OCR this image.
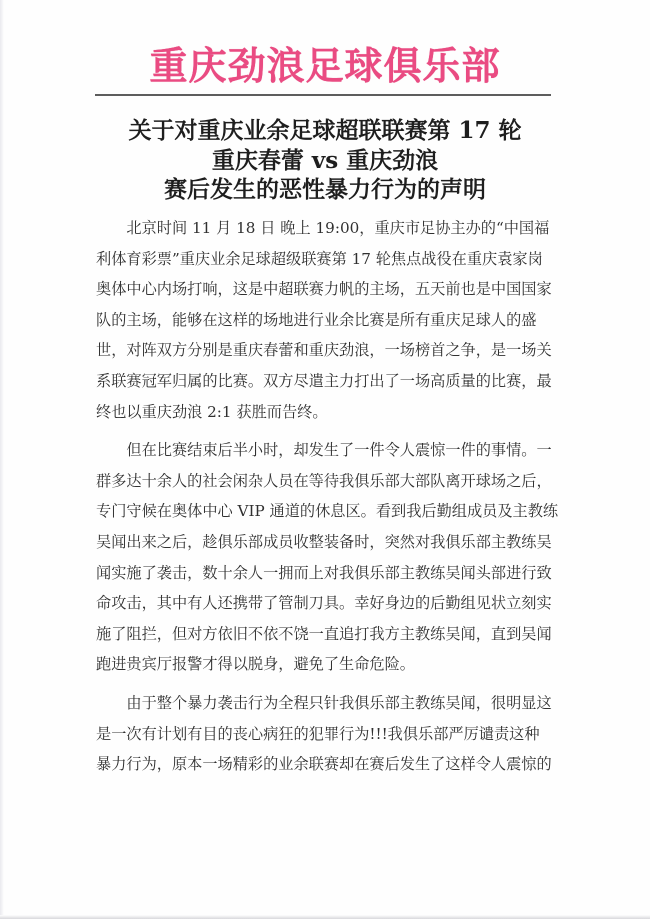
重庆劲浪足球俱乐部
关于对重庆业余足球超联联赛第 17 轮
重庆春蕾 vs 重庆劲浪
赛后发生的恶性暴力行为的声明
北京时间 11 月 18 日 晚上 19:00，重庆市足协主办的“中国福
利体育彩票”重庆业余足球超级联赛第 17 轮焦点战役在重庆袁家岗
奥体中心内场打响，这是中超联赛力帆的主场，五天前也是中国国家
队的主场，能够在这样的场地进行业余比赛是所有重庆足球人的盛
世，对阵双方分别是重庆春蕾和重庆劲浪，一场榜首之争，是一场关
系联赛冠军归属的比赛。双方尽遣主力打出了一场高质量的比赛，最
终也以重庆劲浪 2:1 获胜而告终。
但在比赛结束后半小时，却发生了一件令人震惊一件的事情。一
群多达十余人的社会闲杂人员在等待我俱乐部大部队离开球场之后，
专门守候在奥体中心 VIP 通道的休息区。看到我后勤组成员及主教练
吴闻出来之后，趁俱乐部成员收整装备时，突然对我俱乐部主教练吴
闻实施了袭击，数十余人一拥而上对我俱乐部主教练吴闻头部进行致
命攻击，其中有人还携带了管制刀具。幸好身边的后勤组见状立刻实
施了阻拦，但对方依旧不依不饶一直追打我方主教练吴闻，直到吴闻
跑进贵宾厅报警才得以脱身，避免了生命危险。
由于整个暴力袭击行为全程只针我俱乐部主教练吴闻，很明显这
是一次有计划有目的丧心病狂的犯罪行为!!!我俱乐部严厉谴责这种
暴力行为，原本一场精彩的业余联赛却在赛后发生了这样令人震惊的
